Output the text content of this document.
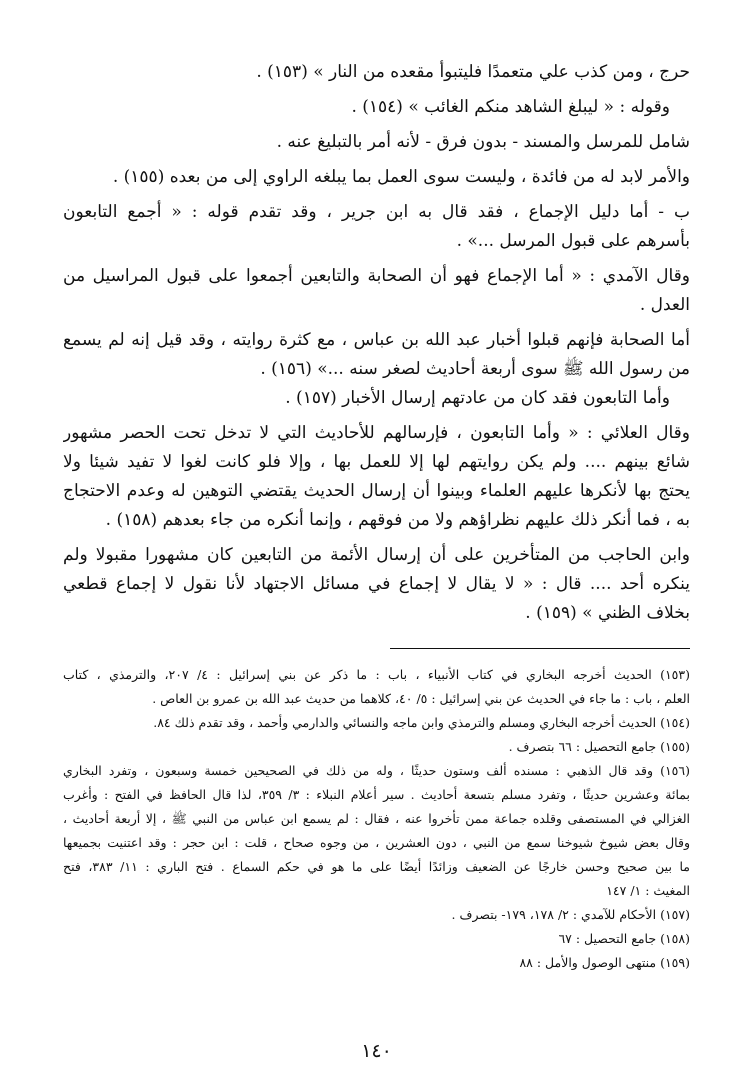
حرج ، ومن كذب علي متعمدًا فليتبوأ مقعده من النار » (١٥٣) .
وقوله : « ليبلغ الشاهد منكم الغائب » (١٥٤) .
شامل للمرسل والمسند - بدون فرق - لأنه أمر بالتبليغ عنه .
والأمر لابد له من فائدة ، وليست سوى العمل بما يبلغه الراوي إلى من بعده (١٥٥) .
ب - أما دليل الإجماع ، فقد قال به ابن جرير ، وقد تقدم قوله : « أجمع التابعون
بأسرهم على قبول المرسل ...» .
وقال الآمدي : « أما الإجماع فهو أن الصحابة والتابعين أجمعوا على قبول المراسيل من
العدل .
أما الصحابة فإنهم قبلوا أخبار عبد الله بن عباس ، مع كثرة روايته ، وقد قيل إنه لم يسمع
من رسول الله ﷺ سوى أربعة أحاديث لصغر سنه ...» (١٥٦) .
وأما التابعون فقد كان من عادتهم إرسال الأخبار (١٥٧) .
وقال العلائي : « وأما التابعون ، فإرسالهم للأحاديث التي لا تدخل تحت الحصر مشهور
شائع بينهم .... ولم يكن روايتهم لها إلا للعمل بها ، وإلا فلو كانت لغوا لا تفيد شيئا ولا
يحتج بها لأنكرها عليهم العلماء وبينوا أن إرسال الحديث يقتضي التوهين له وعدم الاحتجاج
به ، فما أنكر ذلك عليهم نظراؤهم ولا من فوقهم ، وإنما أنكره من جاء بعدهم (١٥٨) .
وابن الحاجب من المتأخرين على أن إرسال الأئمة من التابعين كان مشهورا مقبولا ولم
ينكره أحد .... قال : « لا يقال لا إجماع في مسائل الاجتهاد لأنا نقول لا إجماع قطعي
بخلاف الظني » (١٥٩) .
(١٥٣) الحديث أخرجه البخاري في كتاب الأنبياء ، باب : ما ذكر عن بني إسرائيل : ٤/ ٢٠٧، والترمذي ، كتاب
العلم ، باب : ما جاء في الحديث عن بني إسرائيل : ٥/ ٤٠، كلاهما من حديث عبد الله بن عمرو بن العاص .
(١٥٤) الحديث أخرجه البخاري ومسلم والترمذي وابن ماجه والنسائي والدارمي وأحمد ، وقد تقدم ذلك ٨٤.
(١٥٥) جامع التحصيل : ٦٦ بتصرف .
(١٥٦) وقد قال الذهبي : مسنده ألف وستون حديثًا ، وله من ذلك في الصحيحين خمسة وسبعون ، وتفرد البخاري
بمائة وعشرين حديثًا ، وتفرد مسلم بتسعة أحاديث . سير أعلام النبلاء : ٣/ ٣٥٩، لذا قال الحافظ في الفتح : وأغرب
الغزالي في المستصفى وقلده جماعة ممن تأخروا عنه ، فقال : لم يسمع ابن عباس من النبي ﷺ ، إلا أربعة أحاديث ،
وقال بعض شيوخ شيوخنا سمع من النبي ، دون العشرين ، من وجوه صحاح ، قلت : ابن حجر : وقد اعتنيت بجميعها
ما بين صحيح وحسن خارجًا عن الضعيف وزائدًا أيضًا على ما هو في حكم السماع . فتح الباري : ١١/ ٣٨٣، فتح
المغيث : ١/ ١٤٧
(١٥٧) الأحكام للآمدي : ٢/ ١٧٨، ١٧٩- بتصرف .
(١٥٨) جامع التحصيل : ٦٧
(١٥٩) منتهى الوصول والأمل : ٨٨
١٤٠
